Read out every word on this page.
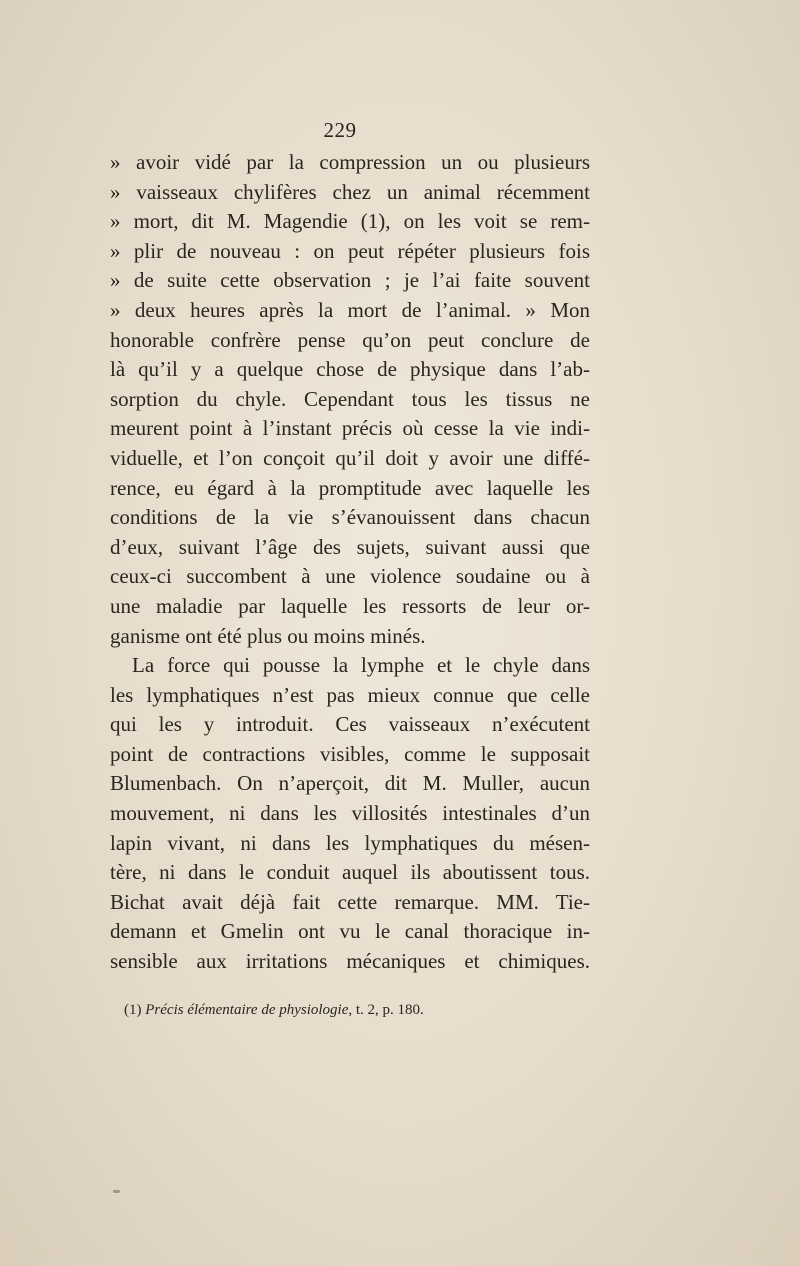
229
» avoir vidé par la compression un ou plusieurs
» vaisseaux chylifères chez un animal récemment
» mort, dit M. Magendie (1), on les voit se rem-
» plir de nouveau : on peut répéter plusieurs fois
» de suite cette observation ; je l’ai faite souvent
» deux heures après la mort de l’animal. » Mon
honorable confrère pense qu’on peut conclure de
là qu’il y a quelque chose de physique dans l’ab-
sorption du chyle. Cependant tous les tissus ne
meurent point à l’instant précis où cesse la vie indi-
viduelle, et l’on conçoit qu’il doit y avoir une diffé-
rence, eu égard à la promptitude avec laquelle les
conditions de la vie s’évanouissent dans chacun
d’eux, suivant l’âge des sujets, suivant aussi que
ceux-ci succombent à une violence soudaine ou à
une maladie par laquelle les ressorts de leur or-
ganisme ont été plus ou moins minés.
La force qui pousse la lymphe et le chyle dans
les lymphatiques n’est pas mieux connue que celle
qui les y introduit. Ces vaisseaux n’exécutent
point de contractions visibles, comme le supposait
Blumenbach. On n’aperçoit, dit M. Muller, aucun
mouvement, ni dans les villosités intestinales d’un
lapin vivant, ni dans les lymphatiques du mésen-
tère, ni dans le conduit auquel ils aboutissent tous.
Bichat avait déjà fait cette remarque. MM. Tie-
demann et Gmelin ont vu le canal thoracique in-
sensible aux irritations mécaniques et chimiques.
(1) Précis élémentaire de physiologie, t. 2, p. 180.
